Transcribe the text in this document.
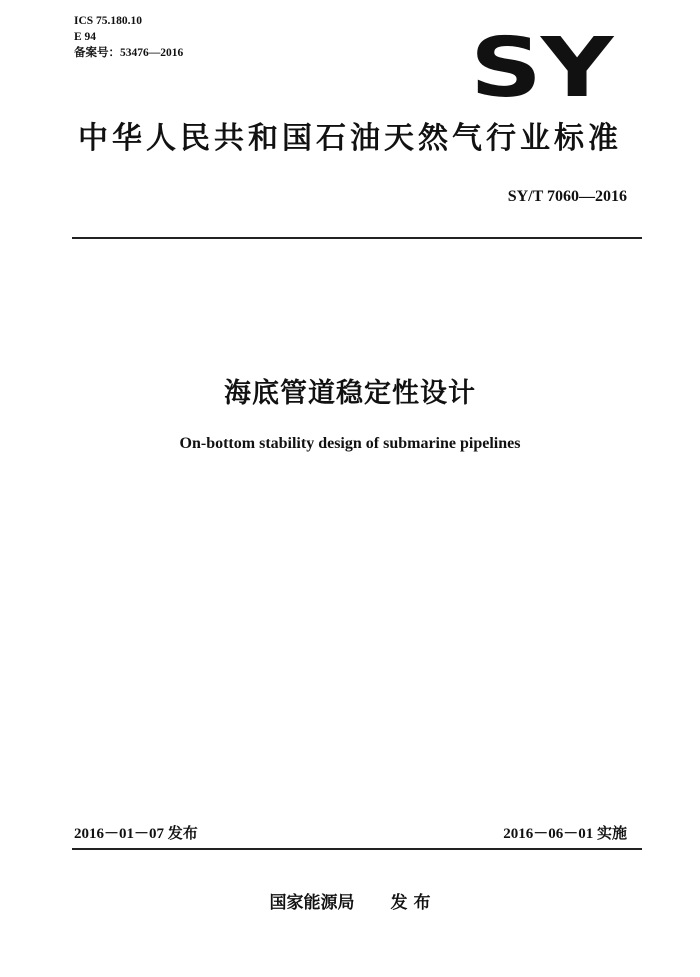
ICS 75.180.10
E 94
备案号：53476—2016	SY
中华人民共和国石油天然气行业标准
SY/T 7060—2016
海底管道稳定性设计
On-bottom stability design of submarine pipelines
2016－01－07 发布	2016－06－01 实施
国家能源局 发 布
